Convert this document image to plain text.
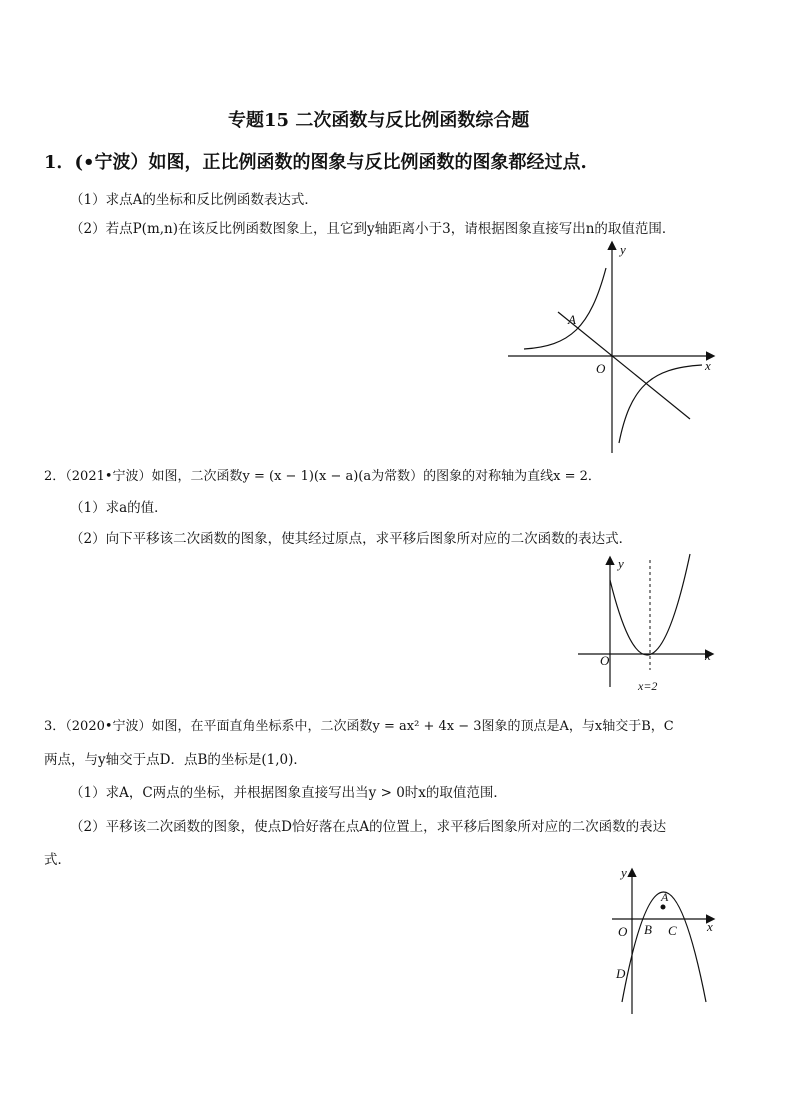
专题15 二次函数与反比例函数综合题
1．(•宁波）如图，正比例函数的图象与反比例函数的图象都经过点.
（1）求点A的坐标和反比例函数表达式．
（2）若点P(m,n)在该反比例函数图象上，且它到y轴距离小于3，请根据图象直接写出n的取值范围．
y
x
O
A
2．（2021•宁波）如图，二次函数y = (x − 1)(x − a)(a为常数）的图象的对称轴为直线x = 2．
（1）求a的值．
（2）向下平移该二次函数的图象，使其经过原点，求平移后图象所对应的二次函数的表达式．
y
x
O
x=2
3．（2020•宁波）如图，在平面直角坐标系中，二次函数y = ax² + 4x − 3图象的顶点是A，与x轴交于B，C
两点，与y轴交于点D．点B的坐标是(1,0)．
（1）求A，C两点的坐标，并根据图象直接写出当y > 0时x的取值范围．
（2）平移该二次函数的图象，使点D恰好落在点A的位置上，求平移后图象所对应的二次函数的表达
式．
y
x
O
A
B C
D
